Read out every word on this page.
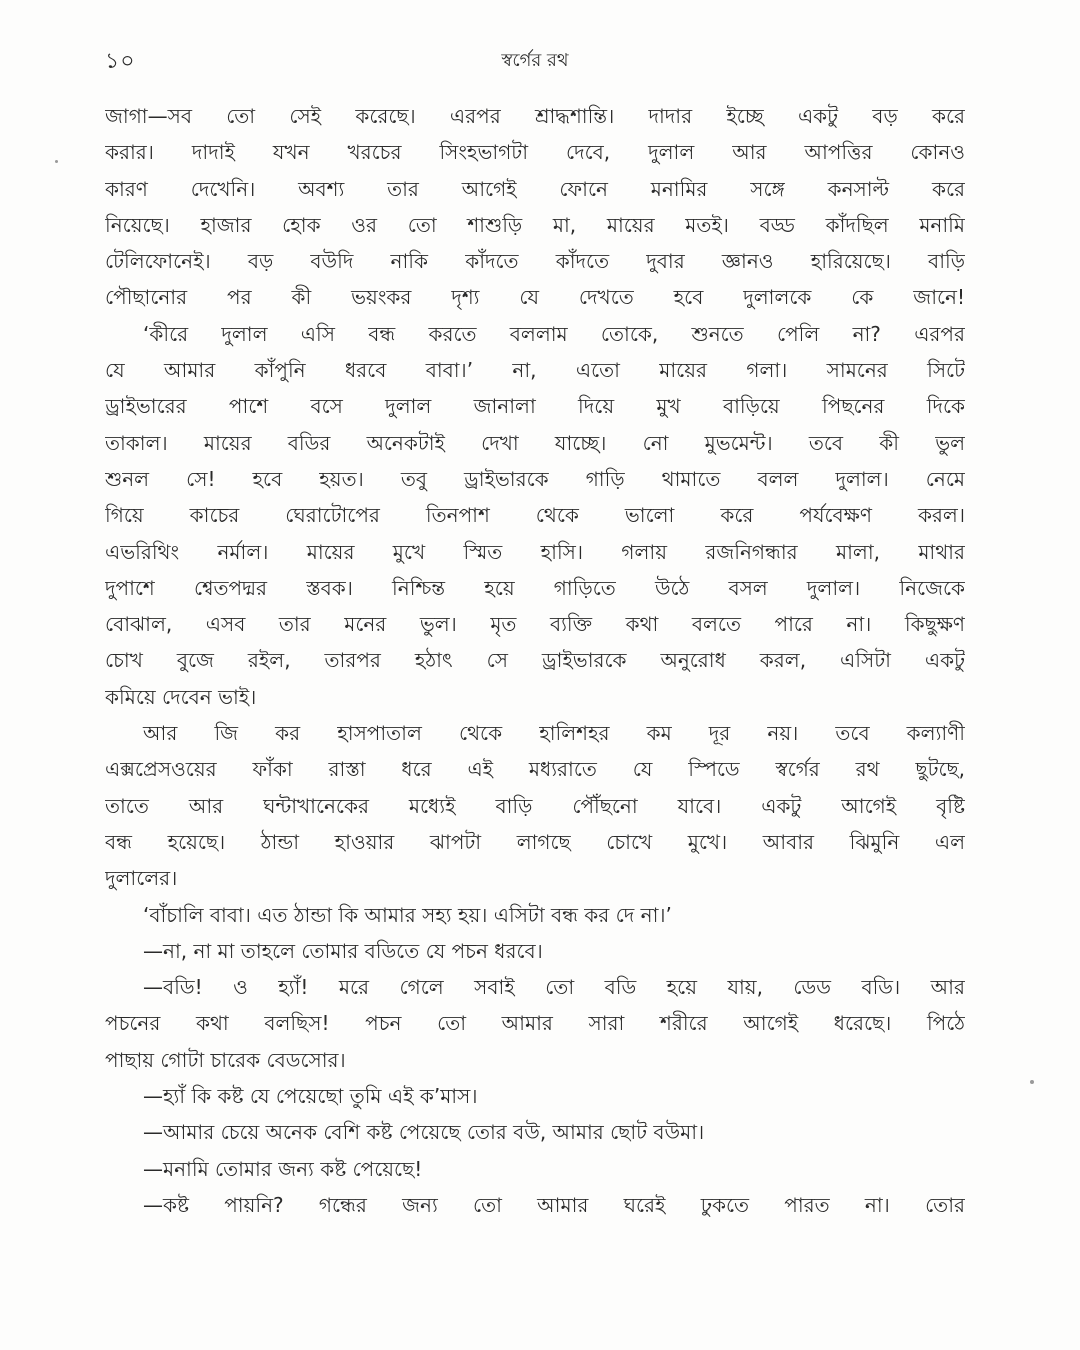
১০	স্বর্গের রথ
জাগা—সব তো সেই করেছে। এরপর শ্রাদ্ধশান্তি। দাদার ইচ্ছে একটু বড় করে
করার। দাদাই যখন খরচের সিংহভাগটা দেবে, দুলাল আর আপত্তির কোনও
কারণ দেখেনি। অবশ্য তার আগেই ফোনে মনামির সঙ্গে কনসাল্ট করে
নিয়েছে। হাজার হোক ওর তো শাশুড়ি মা, মায়ের মতই। বড্ড কাঁদছিল মনামি
টেলিফোনেই। বড় বউদি নাকি কাঁদতে কাঁদতে দুবার জ্ঞানও হারিয়েছে। বাড়ি
পৌছানোর পর কী ভয়ংকর দৃশ্য যে দেখতে হবে দুলালকে কে জানে!
‘কীরে দুলাল এসি বন্ধ করতে বললাম তোকে, শুনতে পেলি না? এরপর
যে আমার কাঁপুনি ধরবে বাবা।’ না, এতো মায়ের গলা। সামনের সিটে
ড্রাইভারের পাশে বসে দুলাল জানালা দিয়ে মুখ বাড়িয়ে পিছনের দিকে
তাকাল। মায়ের বডির অনেকটাই দেখা যাচ্ছে। নো মুভমেন্ট। তবে কী ভুল
শুনল সে! হবে হয়ত। তবু ড্রাইভারকে গাড়ি থামাতে বলল দুলাল। নেমে
গিয়ে কাচের ঘেরাটোপের তিনপাশ থেকে ভালো করে পর্যবেক্ষণ করল।
এভরিথিং নর্মাল। মায়ের মুখে স্মিত হাসি। গলায় রজনিগন্ধার মালা, মাথার
দুপাশে শ্বেতপদ্মর স্তবক। নিশ্চিন্ত হয়ে গাড়িতে উঠে বসল দুলাল। নিজেকে
বোঝাল, এসব তার মনের ভুল। মৃত ব্যক্তি কথা বলতে পারে না। কিছুক্ষণ
চোখ বুজে রইল, তারপর হঠাৎ সে ড্রাইভারকে অনুরোধ করল, এসিটা একটু
কমিয়ে দেবেন ভাই।
আর জি কর হাসপাতাল থেকে হালিশহর কম দূর নয়। তবে কল্যাণী
এক্সপ্রেসওয়ের ফাঁকা রাস্তা ধরে এই মধ্যরাতে যে স্পিডে স্বর্গের রথ ছুটছে,
তাতে আর ঘন্টাখানেকের মধ্যেই বাড়ি পৌঁছনো যাবে। একটু আগেই বৃষ্টি
বন্ধ হয়েছে। ঠান্ডা হাওয়ার ঝাপটা লাগছে চোখে মুখে। আবার ঝিমুনি এল
দুলালের।
‘বাঁচালি বাবা। এত ঠান্ডা কি আমার সহ্য হয়। এসিটা বন্ধ কর দে না।’
—না, না মা তাহলে তোমার বডিতে যে পচন ধরবে।
—বডি! ও হ্যাঁ! মরে গেলে সবাই তো বডি হয়ে যায়, ডেড বডি। আর
পচনের কথা বলছিস! পচন তো আমার সারা শরীরে আগেই ধরেছে। পিঠে
পাছায় গোটা চারেক বেডসোর।
—হ্যাঁ কি কষ্ট যে পেয়েছো তুমি এই ক’মাস।
—আমার চেয়ে অনেক বেশি কষ্ট পেয়েছে তোর বউ, আমার ছোট বউমা।
—মনামি তোমার জন্য কষ্ট পেয়েছে!
—কষ্ট পায়নি? গন্ধের জন্য তো আমার ঘরেই ঢুকতে পারত না। তোর
